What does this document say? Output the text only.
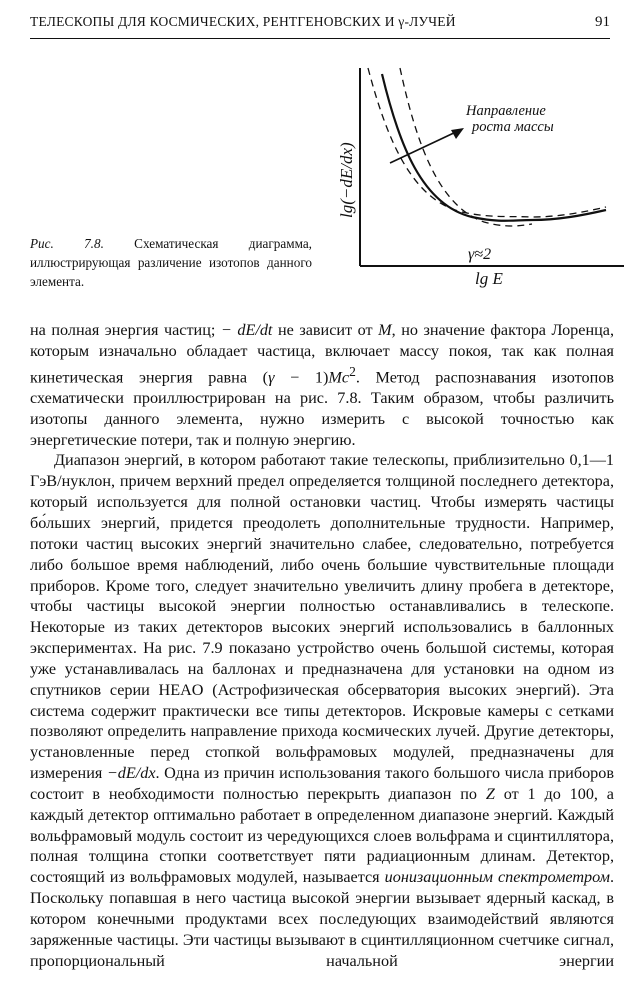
ТЕЛЕСКОПЫ ДЛЯ КОСМИЧЕСКИХ, РЕНТГЕНОВСКИХ И γ-ЛУЧЕЙ	91
Рис. 7.8. Схематическая диаграмма, иллюстрирующая различение изотопов данного элемента.
lg(−dE/dx)
lg E
Направление
роста массы
γ≈2

на полная энергия частиц; − dE/dt не зависит от M, но значение фактора Лоренца, которым изначально обладает частица, включает массу покоя, так как полная кинетическая энергия равна $(\gamma - 1)Mc^2$. Метод распознавания изотопов схематически проиллюстрирован на рис. 7.8. Таким образом, чтобы различить изотопы данного элемента, нужно измерить с высокой точностью как энергетические потери, так и полную энергию.

Диапазон энергий, в котором работают такие телескопы, приблизительно 0,1—1 ГэВ/нуклон, причем верхний предел определяется толщиной последнего детектора, который используется для полной остановки частиц. Чтобы измерять частицы бо́льших энергий, придется преодолеть дополнительные трудности. Например, потоки частиц высоких энергий значительно слабее, следовательно, потребуется либо большое время наблюдений, либо очень большие чувствительные площади приборов. Кроме того, следует значительно увеличить длину пробега в детекторе, чтобы частицы высокой энергии полностью останавливались в телескопе. Некоторые из таких детекторов высоких энергий использовались в баллонных экспериментах. На рис. 7.9 показано устройство очень большой системы, которая уже устанавливалась на баллонах и предназначена для установки на одном из спутников серии HEAO (Астрофизическая обсерватория высоких энергий). Эта система содержит практически все типы детекторов. Искровые камеры с сетками позволяют определить направление прихода космических лучей. Другие детекторы, установленные перед стопкой вольфрамовых модулей, предназначены для измерения −dE/dx. Одна из причин использования такого большого числа приборов состоит в необходимости полностью перекрыть диапазон по Z от 1 до 100, а каждый детектор оптимально работает в определенном диапазоне энергий. Каждый вольфрамовый модуль состоит из чередующихся слоев вольфрама и сцинтиллятора, полная толщина стопки соответствует пяти радиационным длинам. Детектор, состоящий из вольфрамовых модулей, называется ионизационным спектрометром. Поскольку попавшая в него частица высокой энергии вызывает ядерный каскад, в котором конечными продуктами всех последующих взаимодействий являются заряженные частицы. Эти частицы вызывают в сцинтилляционном счетчике сигнал, пропорциональный начальной энергии
